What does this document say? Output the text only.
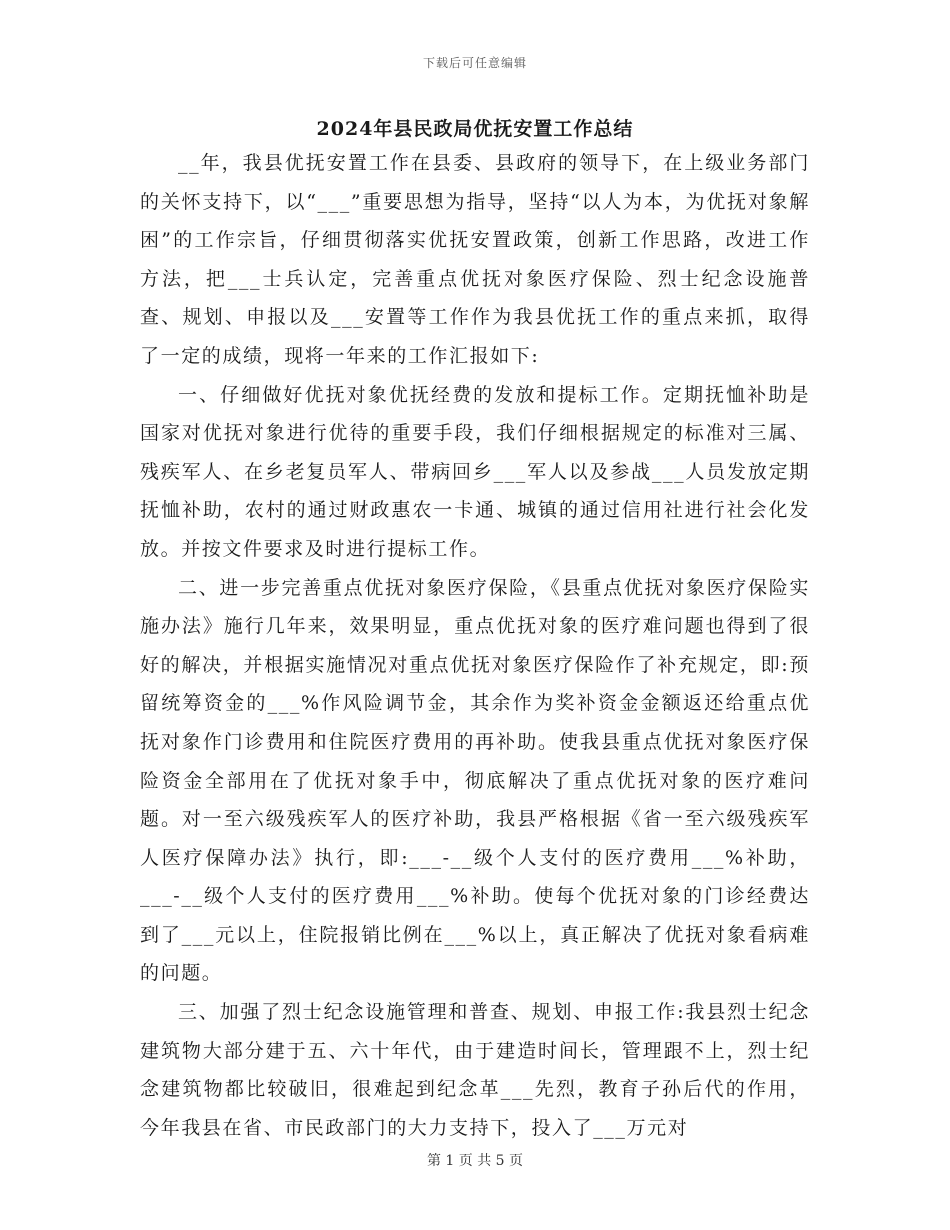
下载后可任意编辑
2024年县民政局优抚安置工作总结

__年，我县优抚安置工作在县委、县政府的领导下，在上级业务部门的关怀支持下，以“___”重要思想为指导，坚持“以人为本，为优抚对象解困”的工作宗旨，仔细贯彻落实优抚安置政策，创新工作思路，改进工作方法，把___士兵认定，完善重点优抚对象医疗保险、烈士纪念设施普查、规划、申报以及___安置等工作作为我县优抚工作的重点来抓，取得了一定的成绩，现将一年来的工作汇报如下:

一、仔细做好优抚对象优抚经费的发放和提标工作。定期抚恤补助是国家对优抚对象进行优待的重要手段，我们仔细根据规定的标准对三属、残疾军人、在乡老复员军人、带病回乡___军人以及参战___人员发放定期抚恤补助，农村的通过财政惠农一卡通、城镇的通过信用社进行社会化发放。并按文件要求及时进行提标工作。

二、进一步完善重点优抚对象医疗保险，《县重点优抚对象医疗保险实施办法》施行几年来，效果明显，重点优抚对象的医疗难问题也得到了很好的解决，并根据实施情况对重点优抚对象医疗保险作了补充规定，即:预留统筹资金的___%作风险调节金，其余作为奖补资金金额返还给重点优抚对象作门诊费用和住院医疗费用的再补助。使我县重点优抚对象医疗保险资金全部用在了优抚对象手中，彻底解决了重点优抚对象的医疗难问题。对一至六级残疾军人的医疗补助，我县严格根据《省一至六级残疾军人医疗保障办法》执行，即:___-__级个人支付的医疗费用___%补助，___-__级个人支付的医疗费用___%补助。使每个优抚对象的门诊经费达到了___元以上，住院报销比例在___%以上，真正解决了优抚对象看病难的问题。

三、加强了烈士纪念设施管理和普查、规划、申报工作:我县烈士纪念建筑物大部分建于五、六十年代，由于建造时间长，管理跟不上，烈士纪念建筑物都比较破旧，很难起到纪念革___先烈，教育子孙后代的作用，今年我县在省、市民政部门的大力支持下，投入了___万元对

第 1 页 共 5 页
